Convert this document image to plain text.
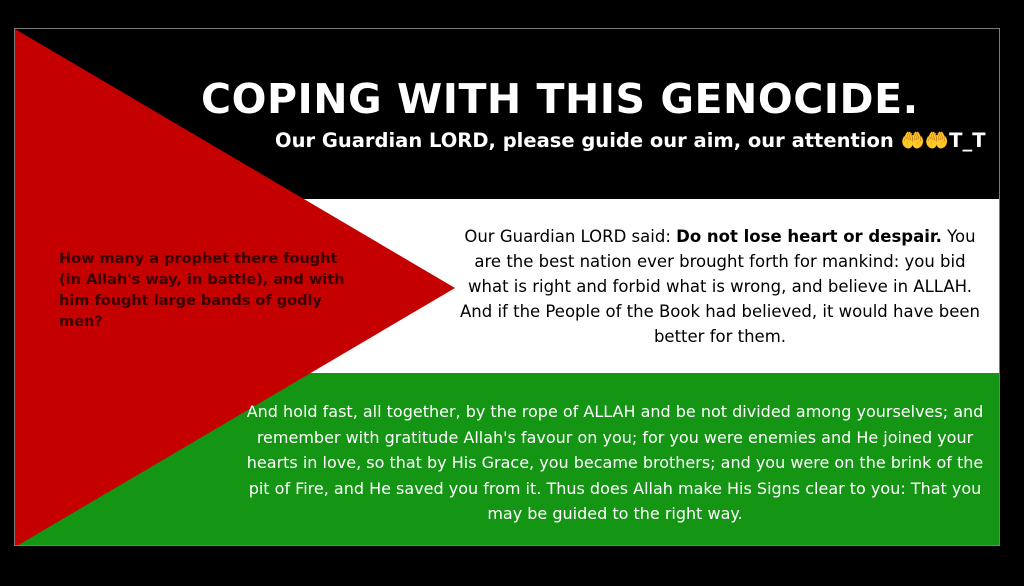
COPING WITH THIS GENOCIDE.
Our Guardian LORD, please guide our aim, our attention 🤲🤲T_T
How many a prophet there fought (in Allah's way, in battle), and with him fought large bands of godly men?
Our Guardian LORD said: Do not lose heart or despair. You are the best nation ever brought forth for mankind: you bid what is right and forbid what is wrong, and believe in ALLAH. And if the People of the Book had believed, it would have been better for them.
And hold fast, all together, by the rope of ALLAH and be not divided among yourselves; and remember with gratitude Allah's favour on you; for you were enemies and He joined your hearts in love, so that by His Grace, you became brothers; and you were on the brink of the pit of Fire, and He saved you from it. Thus does Allah make His Signs clear to you: That you may be guided to the right way.
